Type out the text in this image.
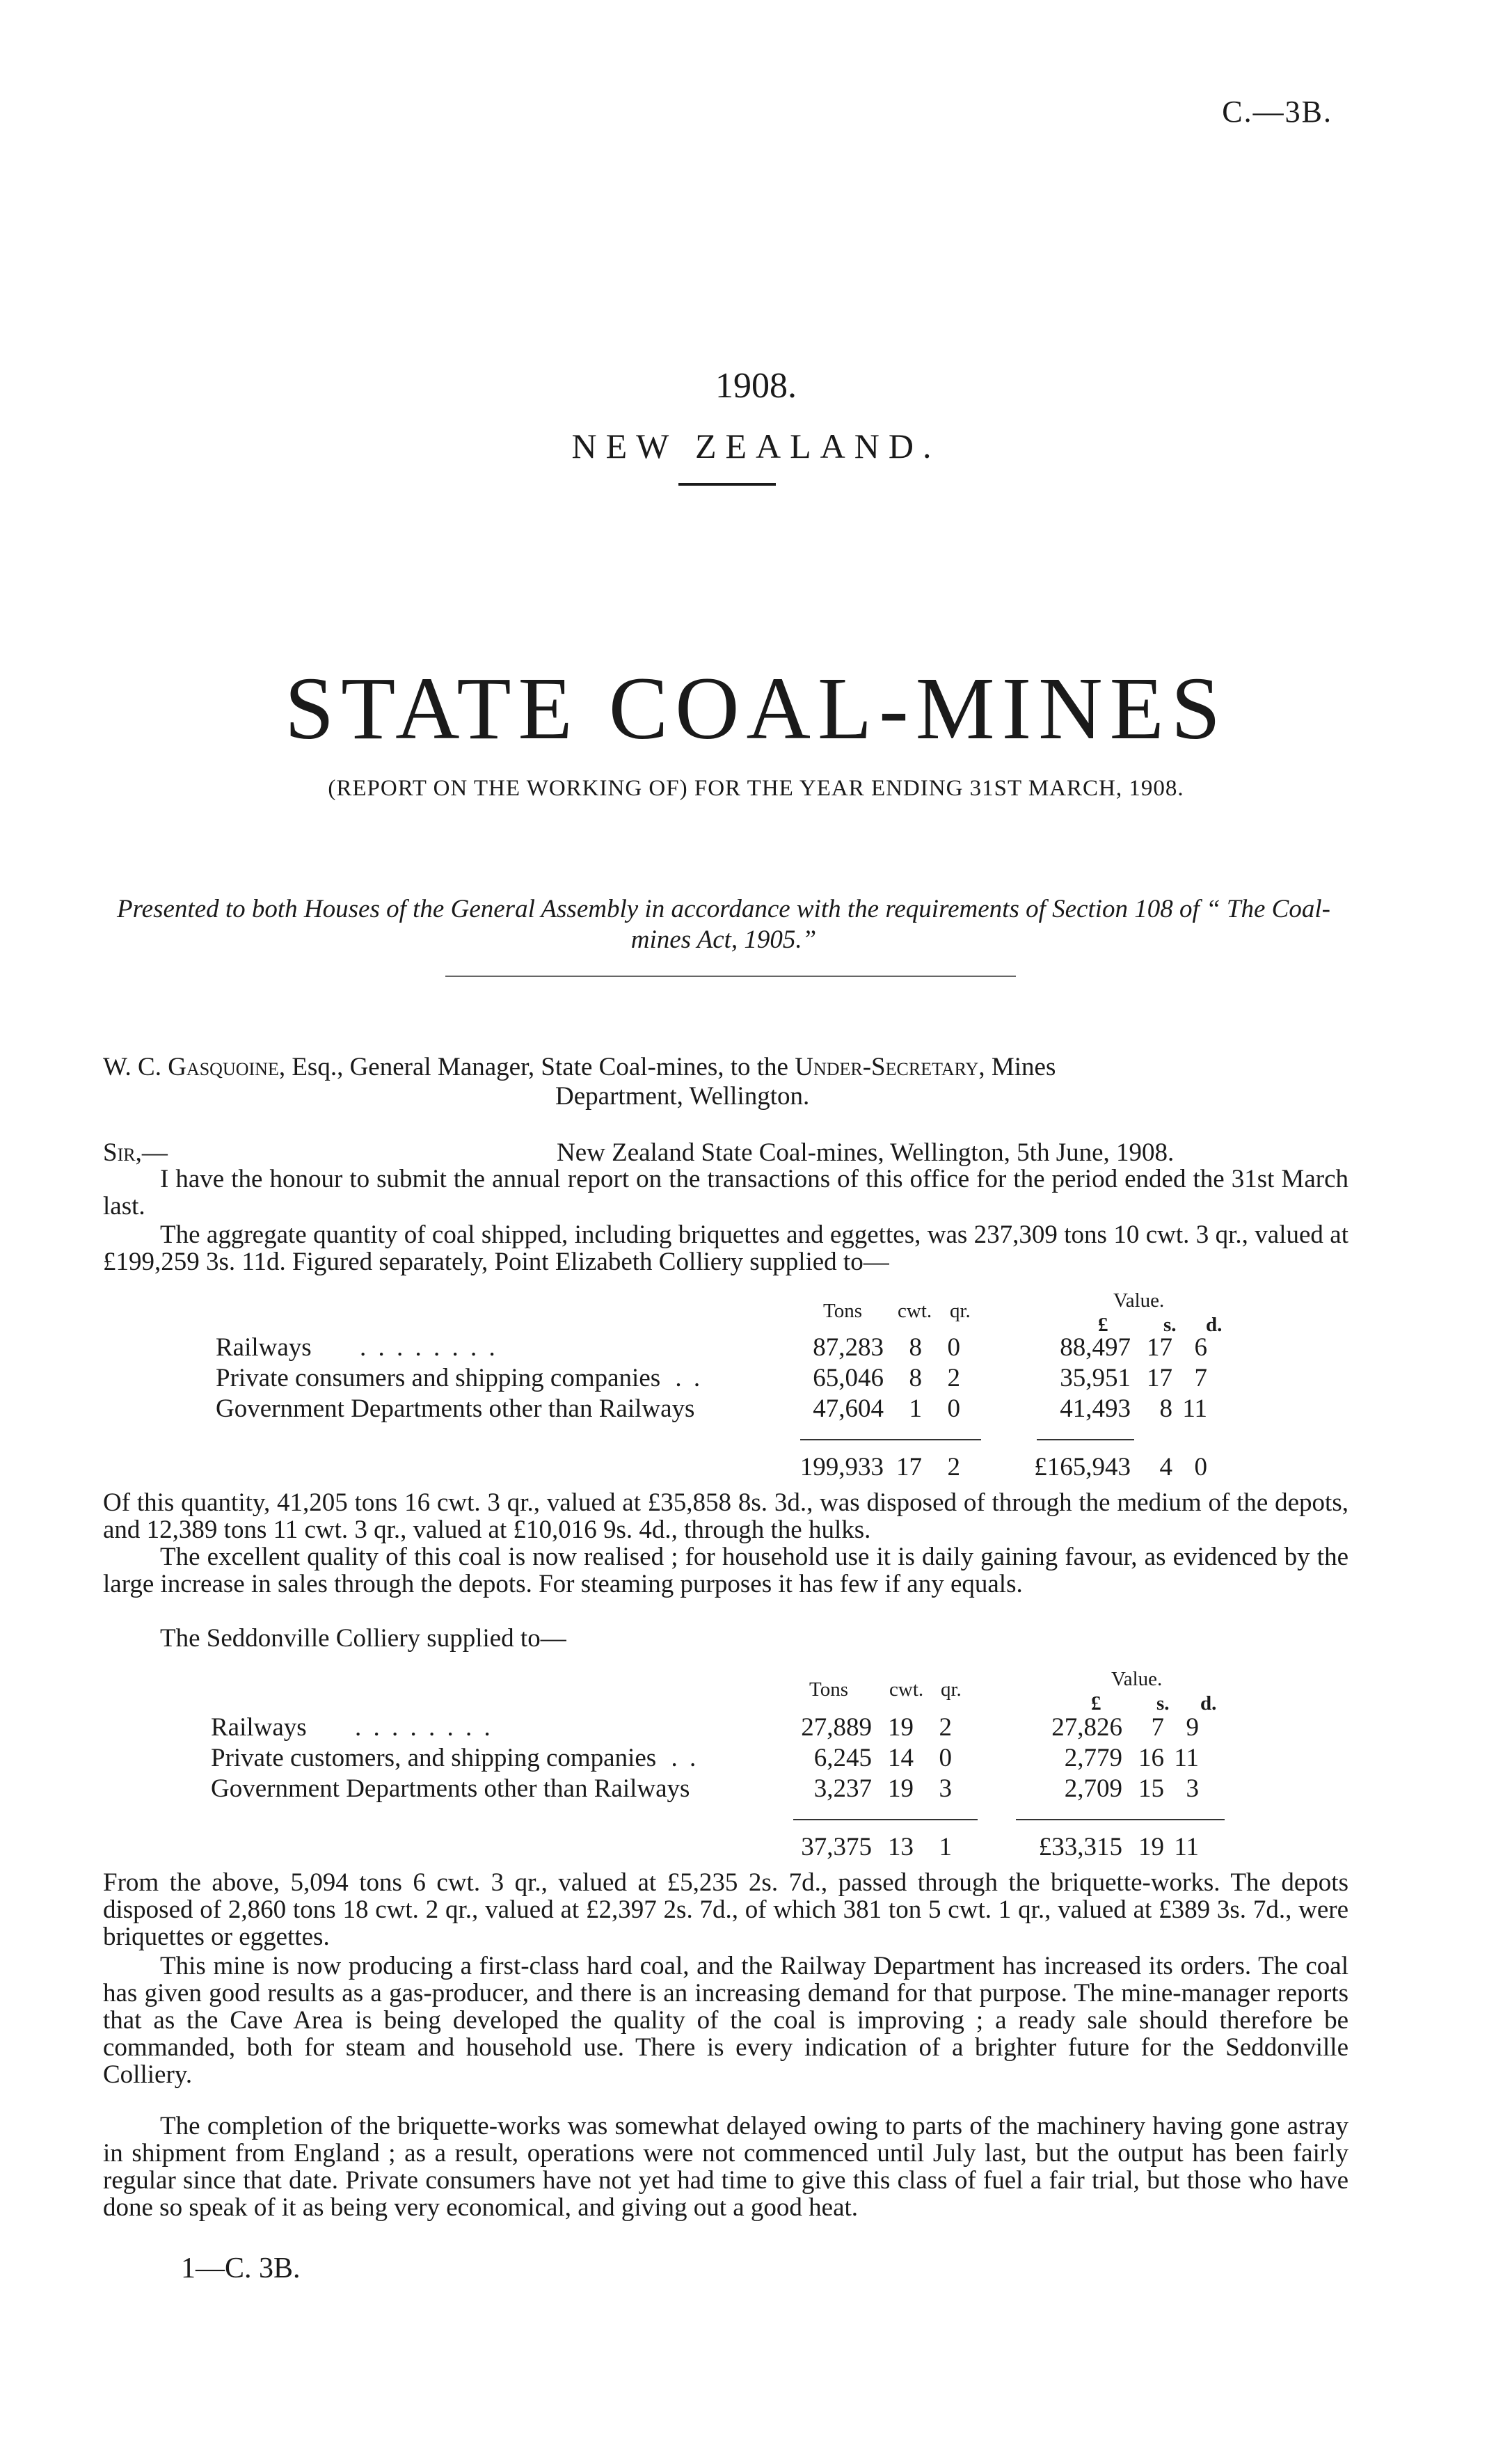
C.—3B.
1908.
NEW ZEALAND.
STATE COAL-MINES
(REPORT ON THE WORKING OF) FOR THE YEAR ENDING 31ST MARCH, 1908.
Presented to both Houses of the General Assembly in accordance with the requirements of Section 108 of “ The Coal-mines Act, 1905.”
W. C. Gasquoine, Esq., General Manager, State Coal-mines, to the Under-Secretary, Mines
Department, Wellington.
Sir,—	New Zealand State Coal-mines, Wellington, 5th June, 1908.
I have the honour to submit the annual report on the transactions of this office for the period ended the 31st March last.
The aggregate quantity of coal shipped, including briquettes and eggettes, was 237,309 tons 10 cwt. 3 qr., valued at £199,259 3s. 11d. Figured separately, Point Elizabeth Colliery supplied to—
Tons cwt. qr.	Value.
£	s. d.
Railways . . . . . . . .		87,283	8	0	88,497	17	6
Private consumers and shipping companies . .		65,046	8	2	35,951	17	7
Government Departments other than Railways		47,604	1	0	41,493	8	11
		199,933	17	2	£165,943	4	0
Of this quantity, 41,205 tons 16 cwt. 3 qr., valued at £35,858 8s. 3d., was disposed of through the medium of the depots, and 12,389 tons 11 cwt. 3 qr., valued at £10,016 9s. 4d., through the hulks.
The excellent quality of this coal is now realised ; for household use it is daily gaining favour, as evidenced by the large increase in sales through the depots. For steaming purposes it has few if any equals.
The Seddonville Colliery supplied to—
Tons cwt. qr.	Value.
£	s. d.
Railways . . . . . . . .		27,889	19	2	27,826	7	9
Private customers, and shipping companies . .		6,245	14	0	2,779	16	11
Government Departments other than Railways		3,237	19	3	2,709	15	3
		37,375	13	1	£33,315	19	11
From the above, 5,094 tons 6 cwt. 3 qr., valued at £5,235 2s. 7d., passed through the briquette-works. The depots disposed of 2,860 tons 18 cwt. 2 qr., valued at £2,397 2s. 7d., of which 381 ton 5 cwt. 1 qr., valued at £389 3s. 7d., were briquettes or eggettes.
This mine is now producing a first-class hard coal, and the Railway Department has increased its orders. The coal has given good results as a gas-producer, and there is an increasing demand for that purpose. The mine-manager reports that as the Cave Area is being developed the quality of the coal is improving ; a ready sale should therefore be commanded, both for steam and household use. There is every indication of a brighter future for the Seddonville Colliery.
The completion of the briquette-works was somewhat delayed owing to parts of the machinery having gone astray in shipment from England ; as a result, operations were not commenced until July last, but the output has been fairly regular since that date. Private consumers have not yet had time to give this class of fuel a fair trial, but those who have done so speak of it as being very economical, and giving out a good heat.
1—C. 3B.
